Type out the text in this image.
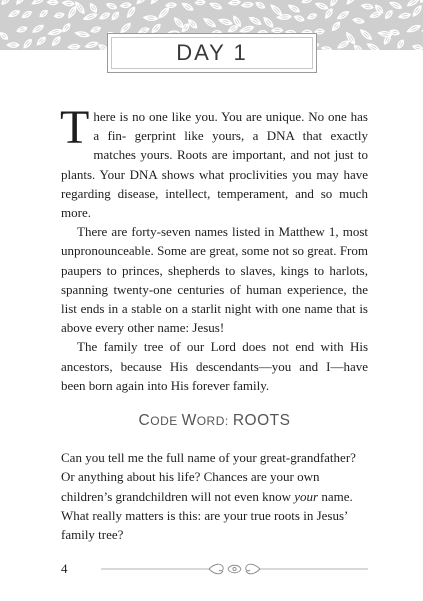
DAY 1

There is no one like you. You are unique. No one has a fin- gerprint like yours, a DNA that exactly matches yours. Roots are important, and not just to plants. Your DNA shows what proclivities you may have regarding disease, intellect, temperament, and so much more.

There are forty-seven names listed in Matthew 1, most unpronounceable. Some are great, some not so great. From paupers to princes, shepherds to slaves, kings to harlots, spanning twenty-one centuries of human experience, the list ends in a stable on a starlit night with one name that is above every other name: Jesus!

The family tree of our Lord does not end with His ancestors, because His descendants—you and I—have been born again into His forever family.

CODE WORD: ROOTS

Can you tell me the full name of your great-grandfather? Or anything about his life? Chances are your own children’s grandchildren will not even know your name. What really matters is this: are your true roots in Jesus’ family tree?

4
